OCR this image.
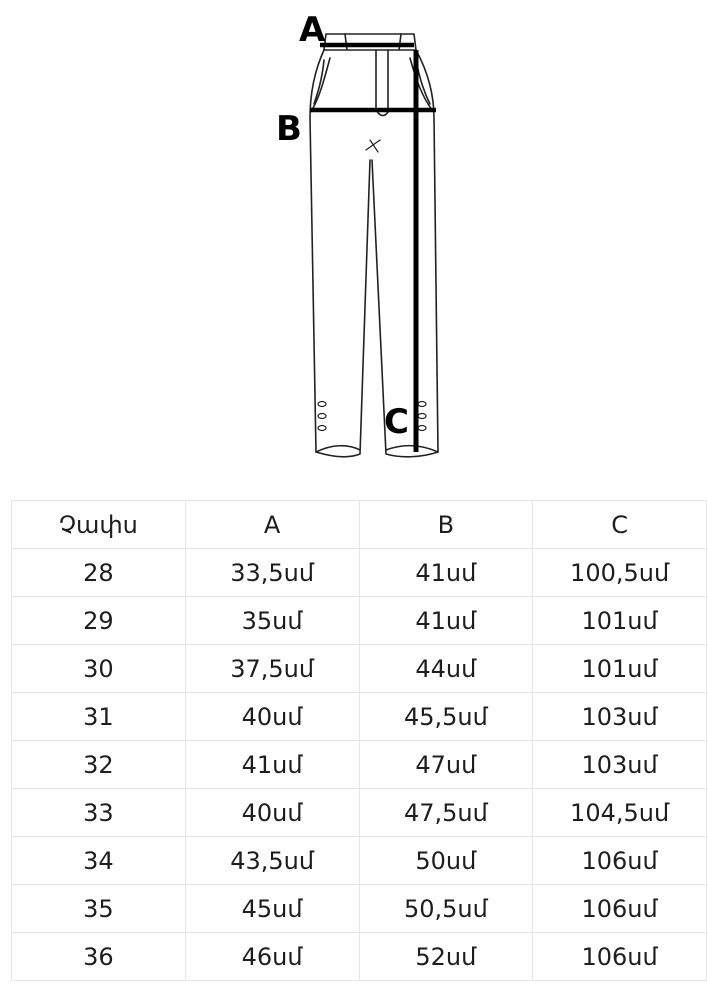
A
B
C
Չափս	A	B	C
28	33,5սմ	41սմ	100,5սմ
29	35սմ	41սմ	101սմ
30	37,5սմ	44սմ	101սմ
31	40սմ	45,5սմ	103սմ
32	41սմ	47սմ	103սմ
33	40սմ	47,5սմ	104,5սմ
34	43,5սմ	50սմ	106սմ
35	45սմ	50,5սմ	106սմ
36	46սմ	52սմ	106սմ
